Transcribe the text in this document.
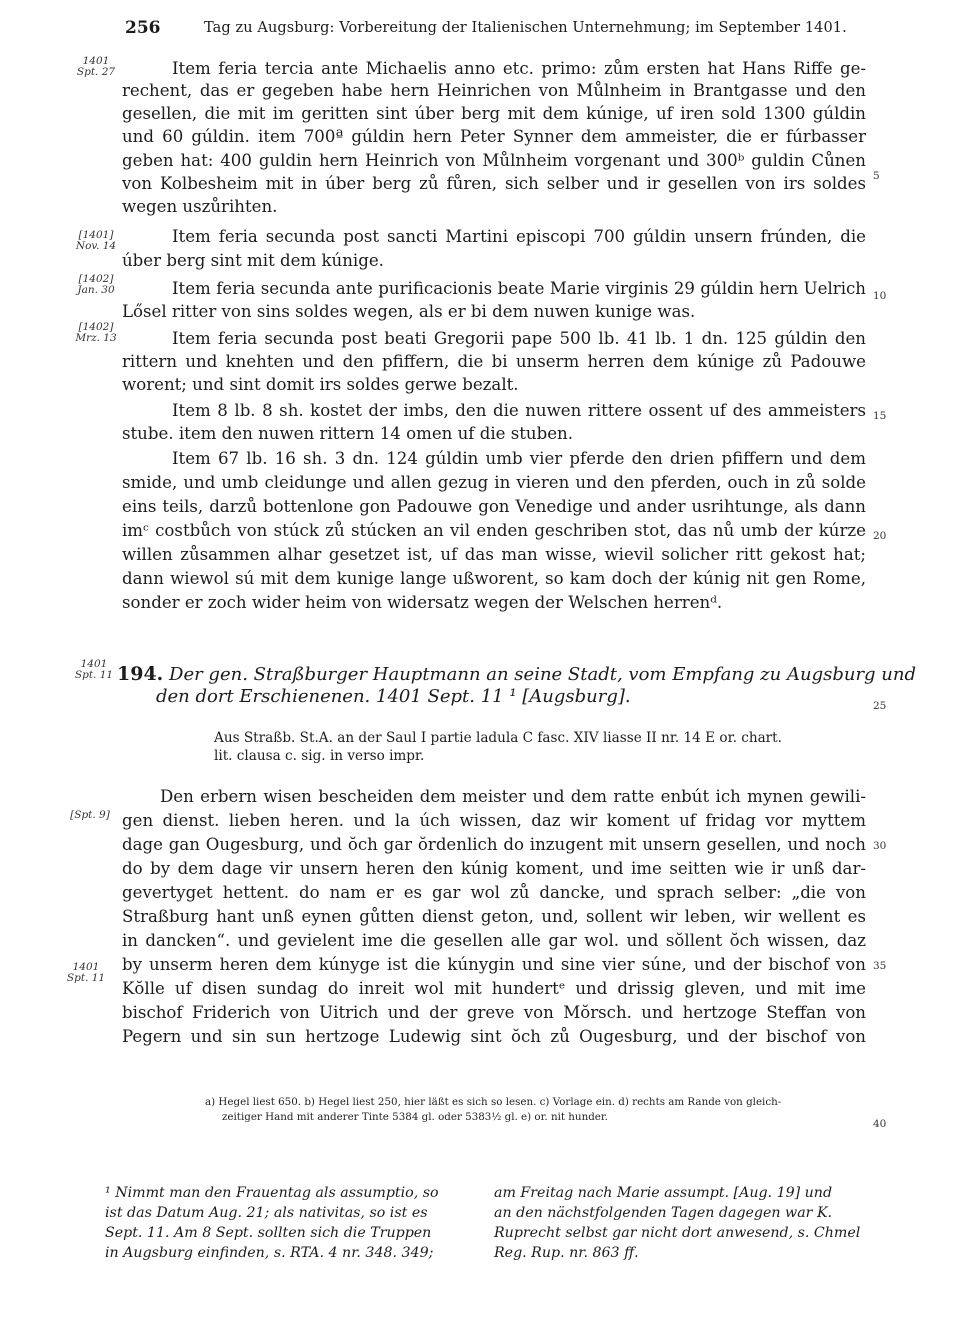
256	Tag zu Augsburg: Vorbereitung der Italienischen Unternehmung; im September 1401.
1401
Spt. 27
[1401]
Nov. 14
[1402]
Jan. 30
[1402]
Mrz. 13
1401
Spt. 11
[Spt. 9]
1401
Spt. 11
5
10
15
20
25
30
35
40
Item feria tercia ante Michaelis anno etc. primo: zům ersten hat Hans Riffe ge-
rechent, das er gegeben habe hern Heinrichen von Můlnheim in Brantgasse und den
gesellen, die mit im geritten sint úber berg mit dem kúnige, uf iren sold 1300 gúldin
und 60 gúldin. item 700ª gúldin hern Peter Synner dem ammeister, die er fúrbasser
geben hat: 400 guldin hern Heinrich von Můlnheim vorgenant und 300ᵇ guldin Cůnen
von Kolbesheim mit in úber berg zů fůren, sich selber und ir gesellen von irs soldes
wegen uszůrihten.
Item feria secunda post sancti Martini episcopi 700 gúldin unsern frúnden, die
úber berg sint mit dem kúnige.
Item feria secunda ante purificacionis beate Marie virginis 29 gúldin hern Uelrich
Lősel ritter von sins soldes wegen, als er bi dem nuwen kunige was.
Item feria secunda post beati Gregorii pape 500 lb. 41 lb. 1 dn. 125 gúldin den
rittern und knehten und den pfiffern, die bi unserm herren dem kúnige zů Padouwe
worent; und sint domit irs soldes gerwe bezalt.
Item 8 lb. 8 sh. kostet der imbs, den die nuwen rittere ossent uf des ammeisters
stube. item den nuwen rittern 14 omen uf die stuben.
Item 67 lb. 16 sh. 3 dn. 124 gúldin umb vier pferde den drien pfiffern und dem
smide, und umb cleidunge und allen gezug in vieren und den pferden, ouch in zů solde
eins teils, darzů bottenlone gon Padouwe gon Venedige und ander usrihtunge, als dann
imᶜ costbůch von stúck zů stúcken an vil enden geschriben stot, das nů umb der kúrze
willen zůsammen alhar gesetzet ist, uf das man wisse, wievil solicher ritt gekost hat;
dann wiewol sú mit dem kunige lange ußworent, so kam doch der kúnig nit gen Rome,
sonder er zoch wider heim von widersatz wegen der Welschen herrenᵈ.
194. Der gen. Straßburger Hauptmann an seine Stadt, vom Empfang zu Augsburg und
den dort Erschienenen. 1401 Sept. 11 ¹ [Augsburg].
Aus Straßb. St.A. an der Saul I partie ladula C fasc. XIV liasse II nr. 14 E or. chart.
lit. clausa c. sig. in verso impr.
Den erbern wisen bescheiden dem meister und dem ratte enbút ich mynen gewili-
gen dienst. lieben heren. und la úch wissen, daz wir koment uf fridag vor myttem
dage gan Ougesburg, und ŏch gar ŏrdenlich do inzugent mit unsern gesellen, und noch
do by dem dage vir unsern heren den kúnig koment, und ime seitten wie ir unß dar-
gevertyget hettent. do nam er es gar wol zů dancke, und sprach selber: „die von
Straßburg hant unß eynen gůtten dienst geton, und, sollent wir leben, wir wellent es
in dancken“. und gevielent ime die gesellen alle gar wol. und sŏllent ŏch wissen, daz
by unserm heren dem kúnyge ist die kúnygin und sine vier súne, und der bischof von
Kŏlle uf disen sundag do inreit wol mit hundertᵉ und drissig gleven, und mit ime
bischof Friderich von Uitrich und der greve von Mŏrsch. und hertzoge Steffan von
Pegern und sin sun hertzoge Ludewig sint ŏch zů Ougesburg, und der bischof von
a) Hegel liest 650. b) Hegel liest 250, hier läßt es sich so lesen. c) Vorlage ein. d) rechts am Rande von gleich-
zeitiger Hand mit anderer Tinte 5384 gl. oder 5383½ gl. e) or. nit hunder.
¹ Nimmt man den Frauentag als assumptio, so
ist das Datum Aug. 21; als nativitas, so ist es
Sept. 11. Am 8 Sept. sollten sich die Truppen
in Augsburg einfinden, s. RTA. 4 nr. 348. 349;
am Freitag nach Marie assumpt. [Aug. 19] und
an den nächstfolgenden Tagen dagegen war K.
Ruprecht selbst gar nicht dort anwesend, s. Chmel
Reg. Rup. nr. 863 ff.
